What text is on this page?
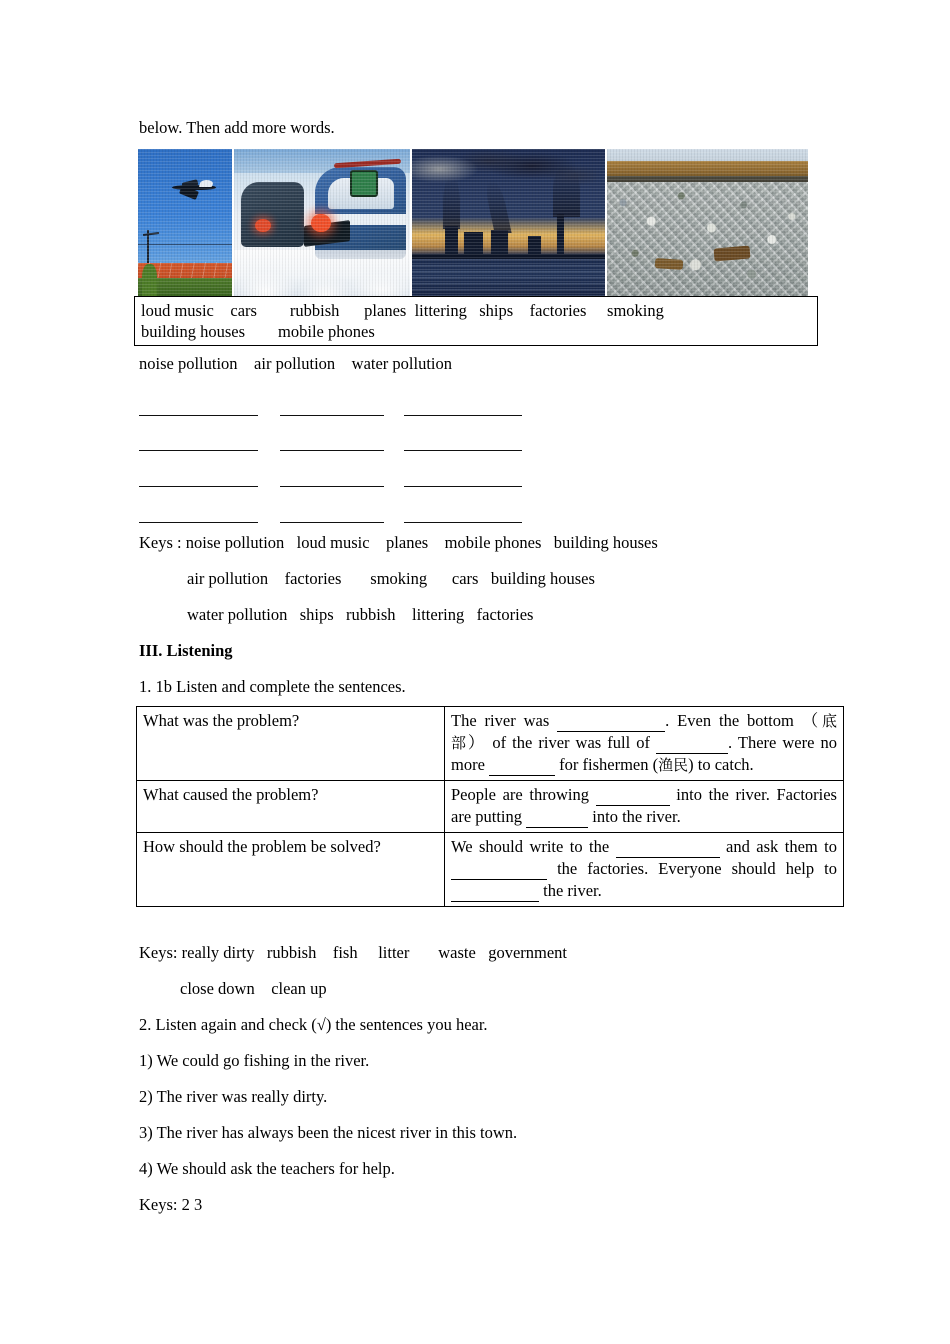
below. Then add more words.
loud music    cars        rubbish      planes  littering   ships    factories     smoking
building houses        mobile phones
noise pollution    air pollution    water pollution
Keys : noise pollution   loud music    planes    mobile phones   building houses
air pollution    factories       smoking      cars   building houses
water pollution   ships   rubbish    littering   factories
III. Listening
1. 1b Listen and complete the sentences.
What was the problem?	The river was . Even the bottom （底 部） of the river was full of . There were no more for fishermen (渔民) to catch.
What caused the problem?	People are throwing into the river. Factories are putting into the river.
How should the problem be solved?	We should write to the and ask them to  the factories. Everyone should help to  the river.
Keys: really dirty   rubbish    fish     litter       waste   government
close down    clean up
2. Listen again and check (√) the sentences you hear.
1) We could go fishing in the river.
2) The river was really dirty.
3) The river has always been the nicest river in this town.
4) We should ask the teachers for help.
Keys: 2 3
